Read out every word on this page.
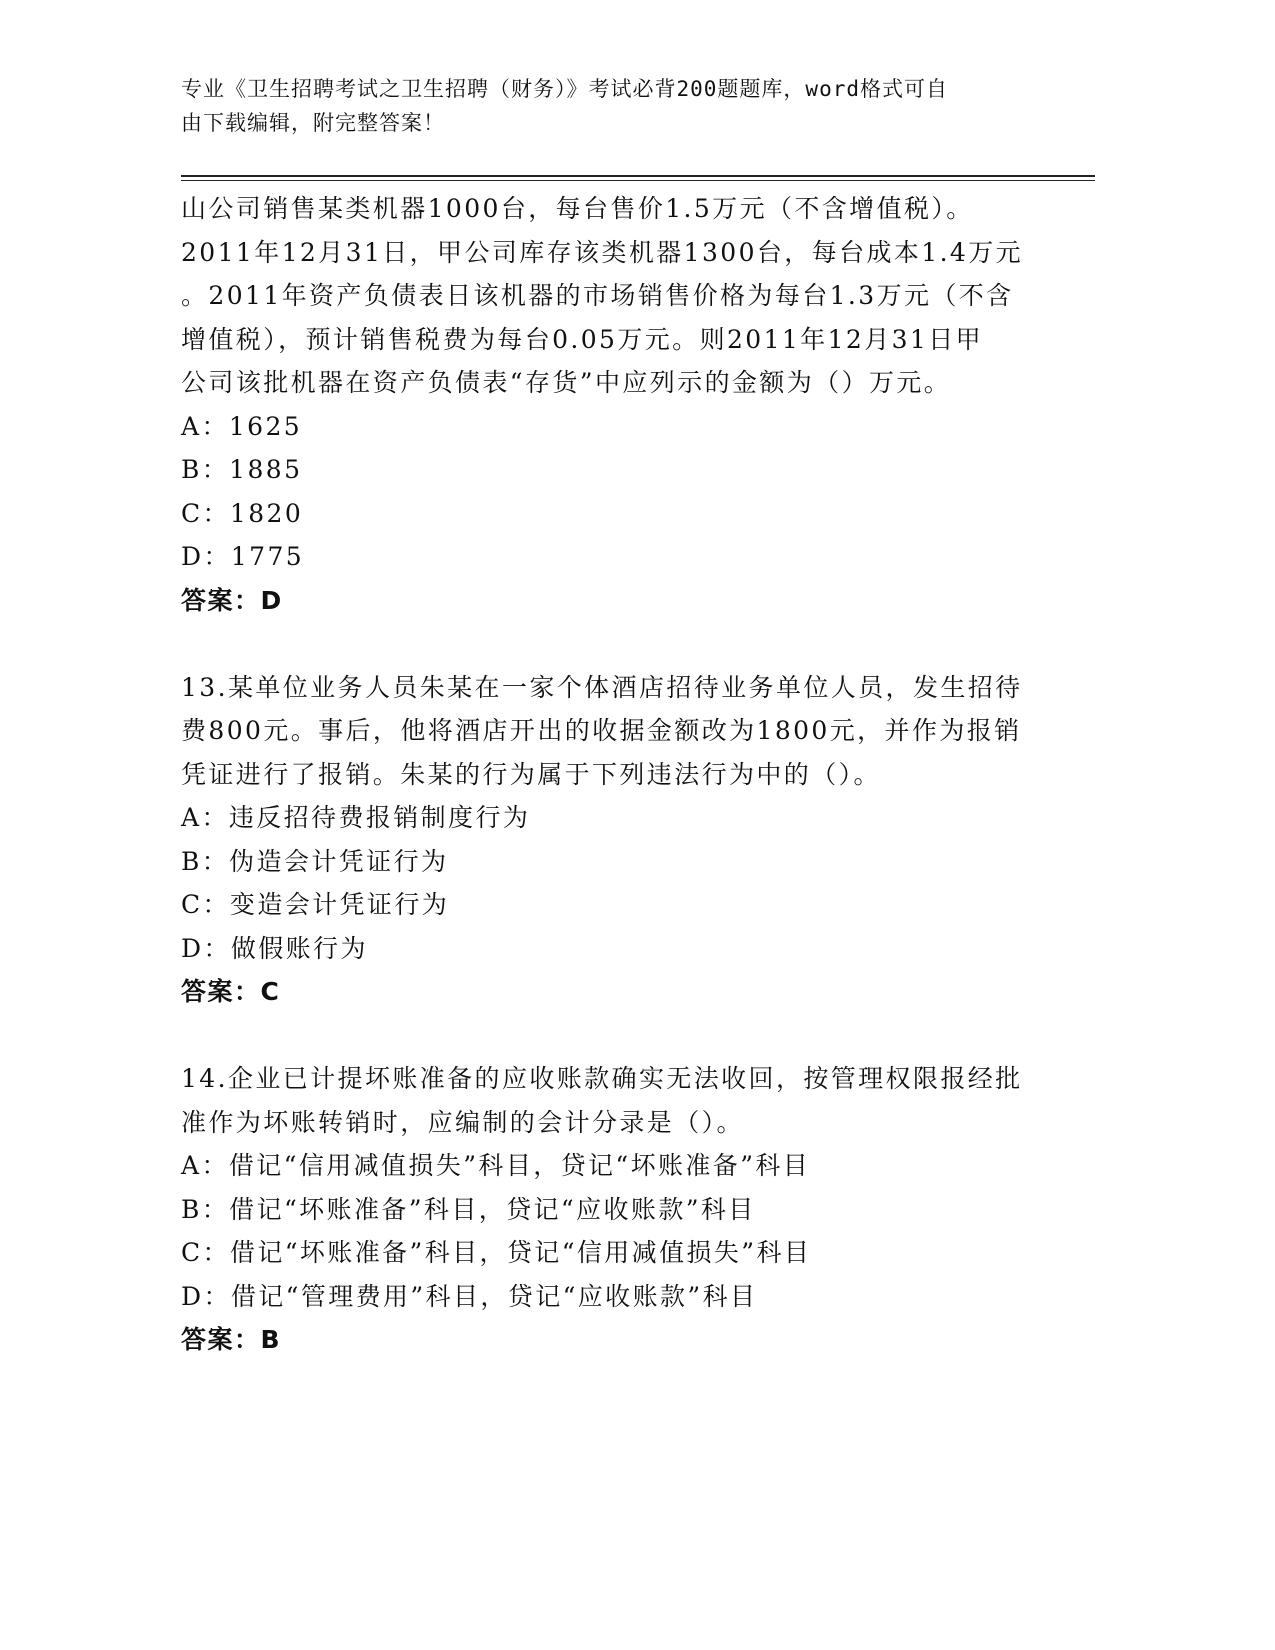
专业《卫生招聘考试之卫生招聘（财务）》考试必背200题题库，word格式可自
由下载编辑，附完整答案！
山公司销售某类机器1000台，每台售价1.5万元（不含增值税）。
2011年12月31日，甲公司库存该类机器1300台，每台成本1.4万元
。2011年资产负债表日该机器的市场销售价格为每台1.3万元（不含
增值税），预计销售税费为每台0.05万元。则2011年12月31日甲
公司该批机器在资产负债表“存货”中应列示的金额为（）万元。
A：1625
B：1885
C：1820
D：1775
答案：D
13.某单位业务人员朱某在一家个体酒店招待业务单位人员，发生招待
费800元。事后，他将酒店开出的收据金额改为1800元，并作为报销
凭证进行了报销。朱某的行为属于下列违法行为中的（）。
A：违反招待费报销制度行为
B：伪造会计凭证行为
C：变造会计凭证行为
D：做假账行为
答案：C
14.企业已计提坏账准备的应收账款确实无法收回，按管理权限报经批
准作为坏账转销时，应编制的会计分录是（）。
A：借记“信用减值损失”科目，贷记“坏账准备”科目
B：借记“坏账准备”科目，贷记“应收账款”科目
C：借记“坏账准备”科目，贷记“信用减值损失”科目
D：借记“管理费用”科目，贷记“应收账款”科目
答案：B
